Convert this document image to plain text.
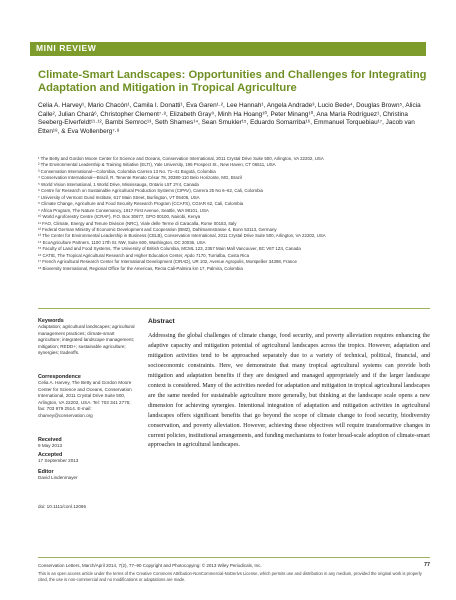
MINI REVIEW
Climate-Smart Landscapes: Opportunities and Challenges for Integrating Adaptation and Mitigation in Tropical Agriculture
Celia A. Harvey¹, Mario Chacón¹, Camila I. Donatti¹, Eva Garen¹·², Lee Hannah¹, Angela Andrade³, Lucio Bede⁴, Douglas Brown⁵, Alicia Calle², Julian Chará⁶, Christopher Clement⁷·⁸, Elizabeth Gray⁹, Minh Ha Hoang¹⁰, Peter Minang¹⁰, Ana María Rodríguez¹, Christina Seeberg-Elverfeldt¹¹·¹², Bambi Semroc¹³, Seth Shames¹⁴, Sean Smukler¹⁵, Eduardo Somarriba¹⁶, Emmanuel Torquebiau¹⁷, Jacob van Etten¹⁸, & Eva Wollenberg⁷·⁸
¹ The Betty and Gordon Moore Center for Science and Oceans, Conservation International, 2011 Crystal Drive Suite 500, Arlington, VA 22202, USA
² The Environmental Leadership & Training Initiative (ELTI), Yale University, 195 Prospect St., New Haven, CT 06511, USA
³ Conservation International—Colombia, Colombia Carrera 13 No. 71–41 Bogotá, Colombia
⁴ Conservation International—Brazil, R. Tenente Renato César 78, 30380-110 Belo Horizonte, MG, Brazil
⁵ World Vision International, 1 World Drive, Mississauga, Ontario L5T 2Y4, Canada
⁶ Centre for Research on Sustainable Agricultural Production Systems (CIPAV), Carrera 25 No 6–62, Cali, Colombia
⁷ University of Vermont Gund Institute, 617 Main Street, Burlington, VT 05405, USA
⁸ Climate Change, Agriculture and Food Security Research Program (CCAFS), CGIAR 62, Cali, Colombia
⁹ Africa Program, The Nature Conservancy, 1917 First Avenue, Seattle, WA 98101, USA
¹⁰ World Agroforestry Centre (ICRAF), P.O. Box 30677, GPO 00100, Nairobi, Kenya
¹¹ FAO, Climate, Energy and Tenure Division (NRC), Viale delle Terme di Caracalla, Rome 00153, Italy
¹² Federal German Ministry of Economic Development and Cooperation (BMZ), Dahlmannstrasse 4, Bonn 53113, Germany
¹³ The Center for Environmental Leadership in Business (CELB), Conservation International, 2011 Crystal Drive Suite 500, Arlington, VA 22202, USA
¹⁴ EcoAgriculture Partners, 1100 17th St. NW, Suite 600, Washington, DC 20036, USA
¹⁵ Faculty of Land and Food Systems, The University of British Columbia, MCML 123, 2357 Main Mall Vancouver, BC V6T 1Z4, Canada
¹⁶ CATIE, The Tropical Agricultural Research and Higher Education Center, Apdo 7170, Turrialba, Costa Rica
¹⁷ French Agricultural Research Center for International Development (CIRAD), UR 102, Avenue Agropolis, Montpellier 34398, France
¹⁸ Bioversity International, Regional Office for the Americas, Recta Cali-Palmira km 17, Palmira, Colombia
Keywords
Adaptation; agricultural landscapes; agricultural management practices; climate-smart agriculture; integrated landscape management; mitigation; REDD+; sustainable agriculture; synergies; tradeoffs.
Correspondence
Celia A. Harvey, The Betty and Gordon Moore Center for Science and Oceans, Conservation International, 2011 Crystal Drive Suite 500, Arlington, VA 22202, USA. Tel: 703 341 2775; fax: 703 979 2514. E-mail: charvey@conservation.org
Received
9 May 2013
Accepted
17 September 2013
Editor
David Lindenmayer
doi: 10.1111/conl.12066
Abstract
Addressing the global challenges of climate change, food security, and poverty alleviation requires enhancing the adaptive capacity and mitigation potential of agricultural landscapes across the tropics. However, adaptation and mitigation activities tend to be approached separately due to a variety of technical, political, financial, and socioeconomic constraints. Here, we demonstrate that many tropical agricultural systems can provide both mitigation and adaptation benefits if they are designed and managed appropriately and if the larger landscape context is considered. Many of the activities needed for adaptation and mitigation in tropical agricultural landscapes are the same needed for sustainable agriculture more generally, but thinking at the landscape scale opens a new dimension for achieving synergies. Intentional integration of adaptation and mitigation activities in agricultural landscapes offers significant benefits that go beyond the scope of climate change to food security, biodiversity conservation, and poverty alleviation. However, achieving these objectives will require transformative changes in current policies, institutional arrangements, and funding mechanisms to foster broad-scale adoption of climate-smart approaches in agricultural landscapes.
Conservation Letters, March/April 2014, 7(2), 77–90 Copyright and Photocopying: © 2013 Wiley Periodicals, Inc.	77
This is an open access article under the terms of the Creative Commons Attribution-NonCommercial-NoDerivs License, which permits use and distribution in any medium, provided the original work is properly cited, the use is non-commercial and no modifications or adaptations are made.
